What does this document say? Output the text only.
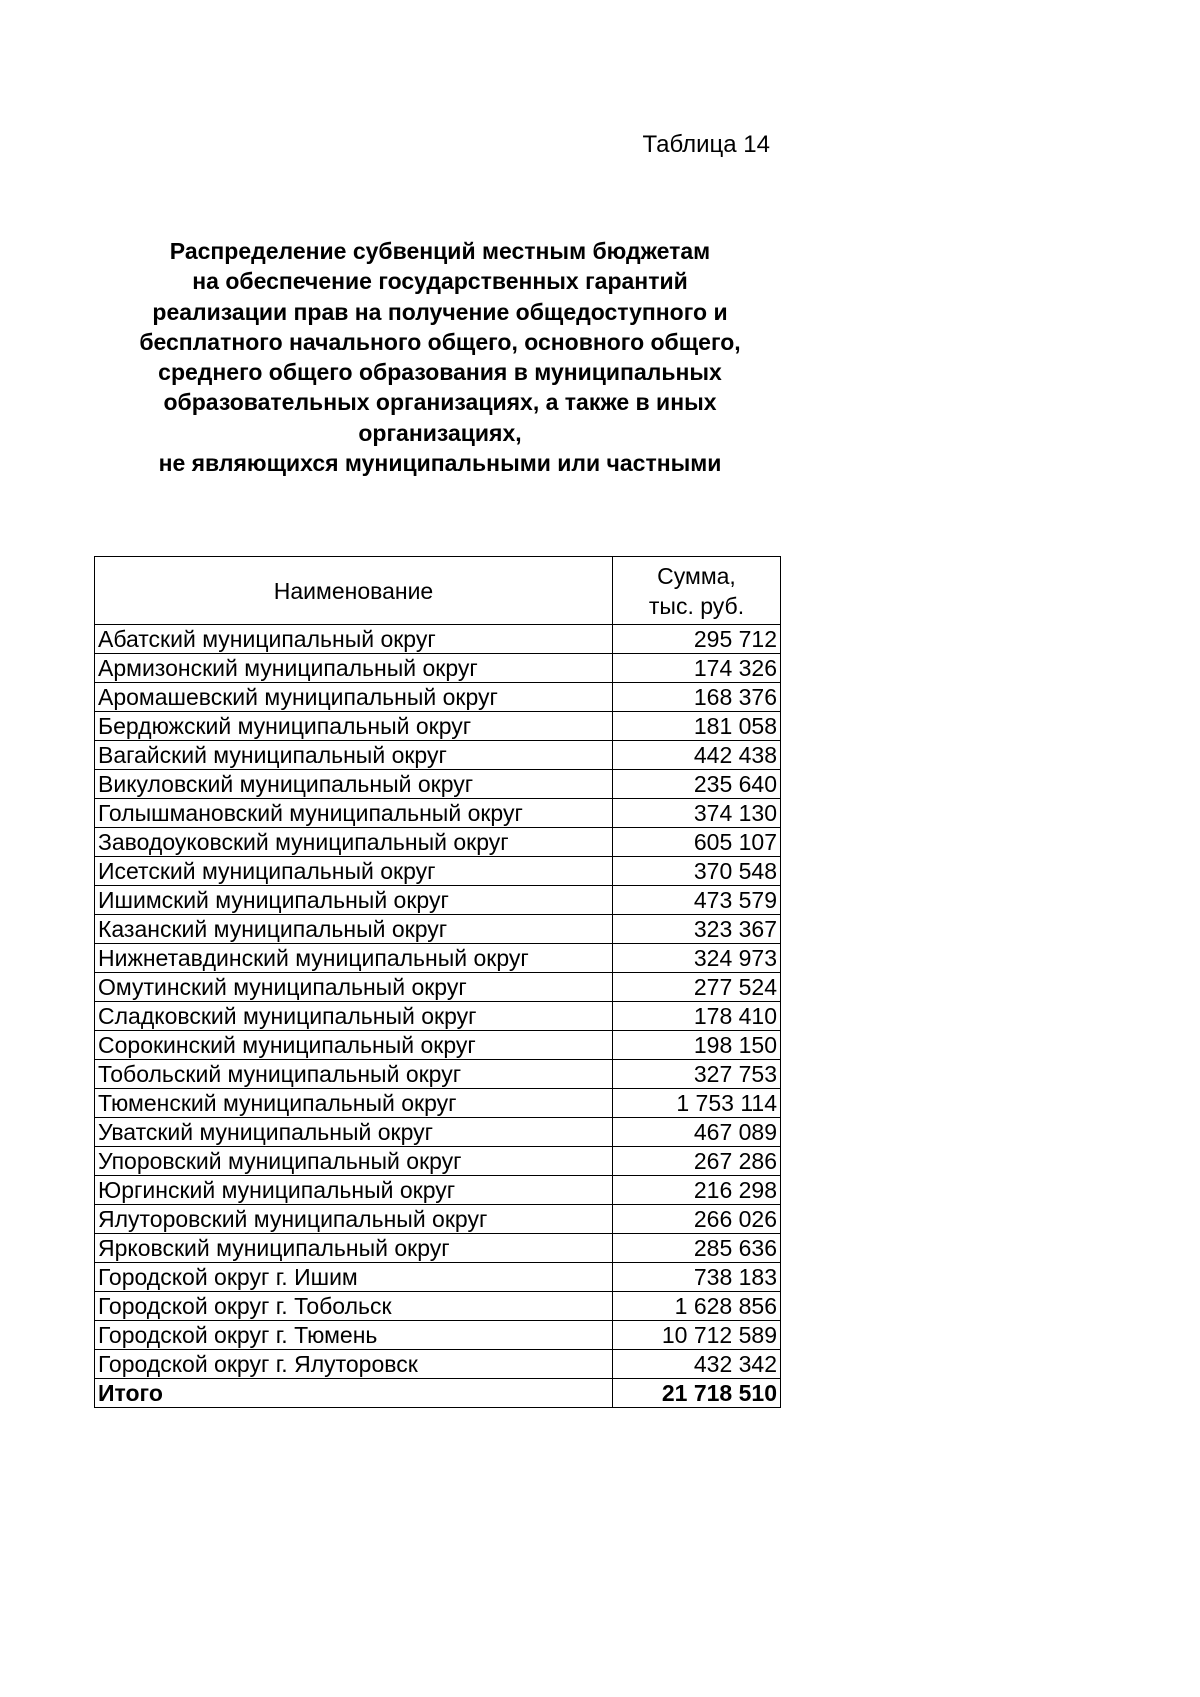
Таблица 14
Распределение субвенций местным бюджетам
на обеспечение государственных гарантий
реализации прав на получение общедоступного и
бесплатного начального общего, основного общего,
среднего общего образования в муниципальных
образовательных организациях, а также в иных
организациях,
не являющихся муниципальными или частными
Наименование	Сумма,
тыс. руб.

Абатский муниципальный округ	295 712
Армизонский муниципальный округ	174 326
Аромашевский муниципальный округ	168 376
Бердюжский муниципальный округ	181 058
Вагайский муниципальный округ	442 438
Викуловский муниципальный округ	235 640
Голышмановский муниципальный округ	374 130
Заводоуковский муниципальный округ	605 107
Исетский муниципальный округ	370 548
Ишимский муниципальный округ	473 579
Казанский муниципальный округ	323 367
Нижнетавдинский муниципальный округ	324 973
Омутинский муниципальный округ	277 524
Сладковский муниципальный округ	178 410
Сорокинский муниципальный округ	198 150
Тобольский муниципальный округ	327 753
Тюменский муниципальный округ	1 753 114
Уватский муниципальный округ	467 089
Упоровский муниципальный округ	267 286
Юргинский муниципальный округ	216 298
Ялуторовский муниципальный округ	266 026
Ярковский муниципальный округ	285 636
Городской округ г. Ишим	738 183
Городской округ г. Тобольск	1 628 856
Городской округ г. Тюмень	10 712 589
Городской округ г. Ялуторовск	432 342
Итого	21 718 510
